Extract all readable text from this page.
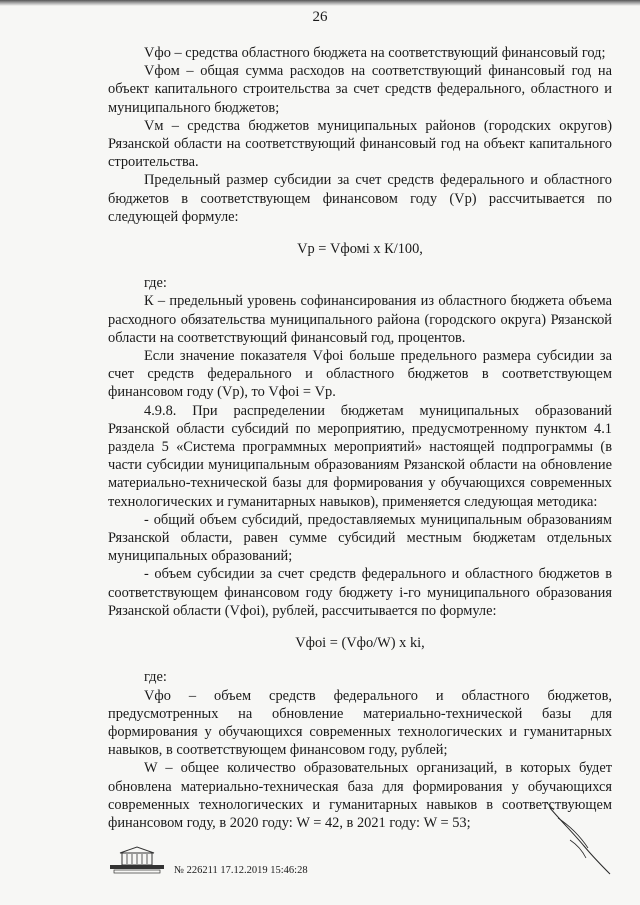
26

Vфо – средства областного бюджета на соответствующий финансовый год;

Vфом – общая сумма расходов на соответствующий финансовый год на объект капитального строительства за счет средств федерального, областного и муниципального бюджетов;

Vм – средства бюджетов муниципальных районов (городских округов) Рязанской области на соответствующий финансовый год на объект капитального строительства.

Предельный размер субсидии за счет средств федерального и областного бюджетов в соответствующем финансовом году (Vр) рассчитывается по следующей формуле:

Vр = Vфомі х К/100,

где:

К – предельный уровень софинансирования из областного бюджета объема расходного обязательства муниципального района (городского округа) Рязанской области на соответствующий финансовый год, процентов.

Если значение показателя Vфоі больше предельного размера субсидии за счет средств федерального и областного бюджетов в соответствующем финансовом году (Vр), то Vфоі = Vр.

4.9.8. При распределении бюджетам муниципальных образований Рязанской области субсидий по мероприятию, предусмотренному пунктом 4.1 раздела 5 «Система программных мероприятий» настоящей подпрограммы (в части субсидии муниципальным образованиям Рязанской области на обновление материально-технической базы для формирования у обучающихся современных технологических и гуманитарных навыков), применяется следующая методика:

- общий объем субсидий, предоставляемых муниципальным образованиям Рязанской области, равен сумме субсидий местным бюджетам отдельных муниципальных образований;

- объем субсидии за счет средств федерального и областного бюджетов в соответствующем финансовом году бюджету і-го муниципального образования Рязанской области (Vфоі), рублей, рассчитывается по формуле:

Vфоі = (Vфо/W) х ki,

где:

Vфо – объем средств федерального и областного бюджетов, предусмотренных на обновление материально-технической базы для формирования у обучающихся современных технологических и гуманитарных навыков, в соответствующем финансовом году, рублей;

W – общее количество образовательных организаций, в которых будет обновлена материально-техническая база для формирования у обучающихся современных технологических и гуманитарных навыков в соответствующем финансовом году, в 2020 году: W = 42, в 2021 году: W = 53;

№ 226211 17.12.2019 15:46:28
